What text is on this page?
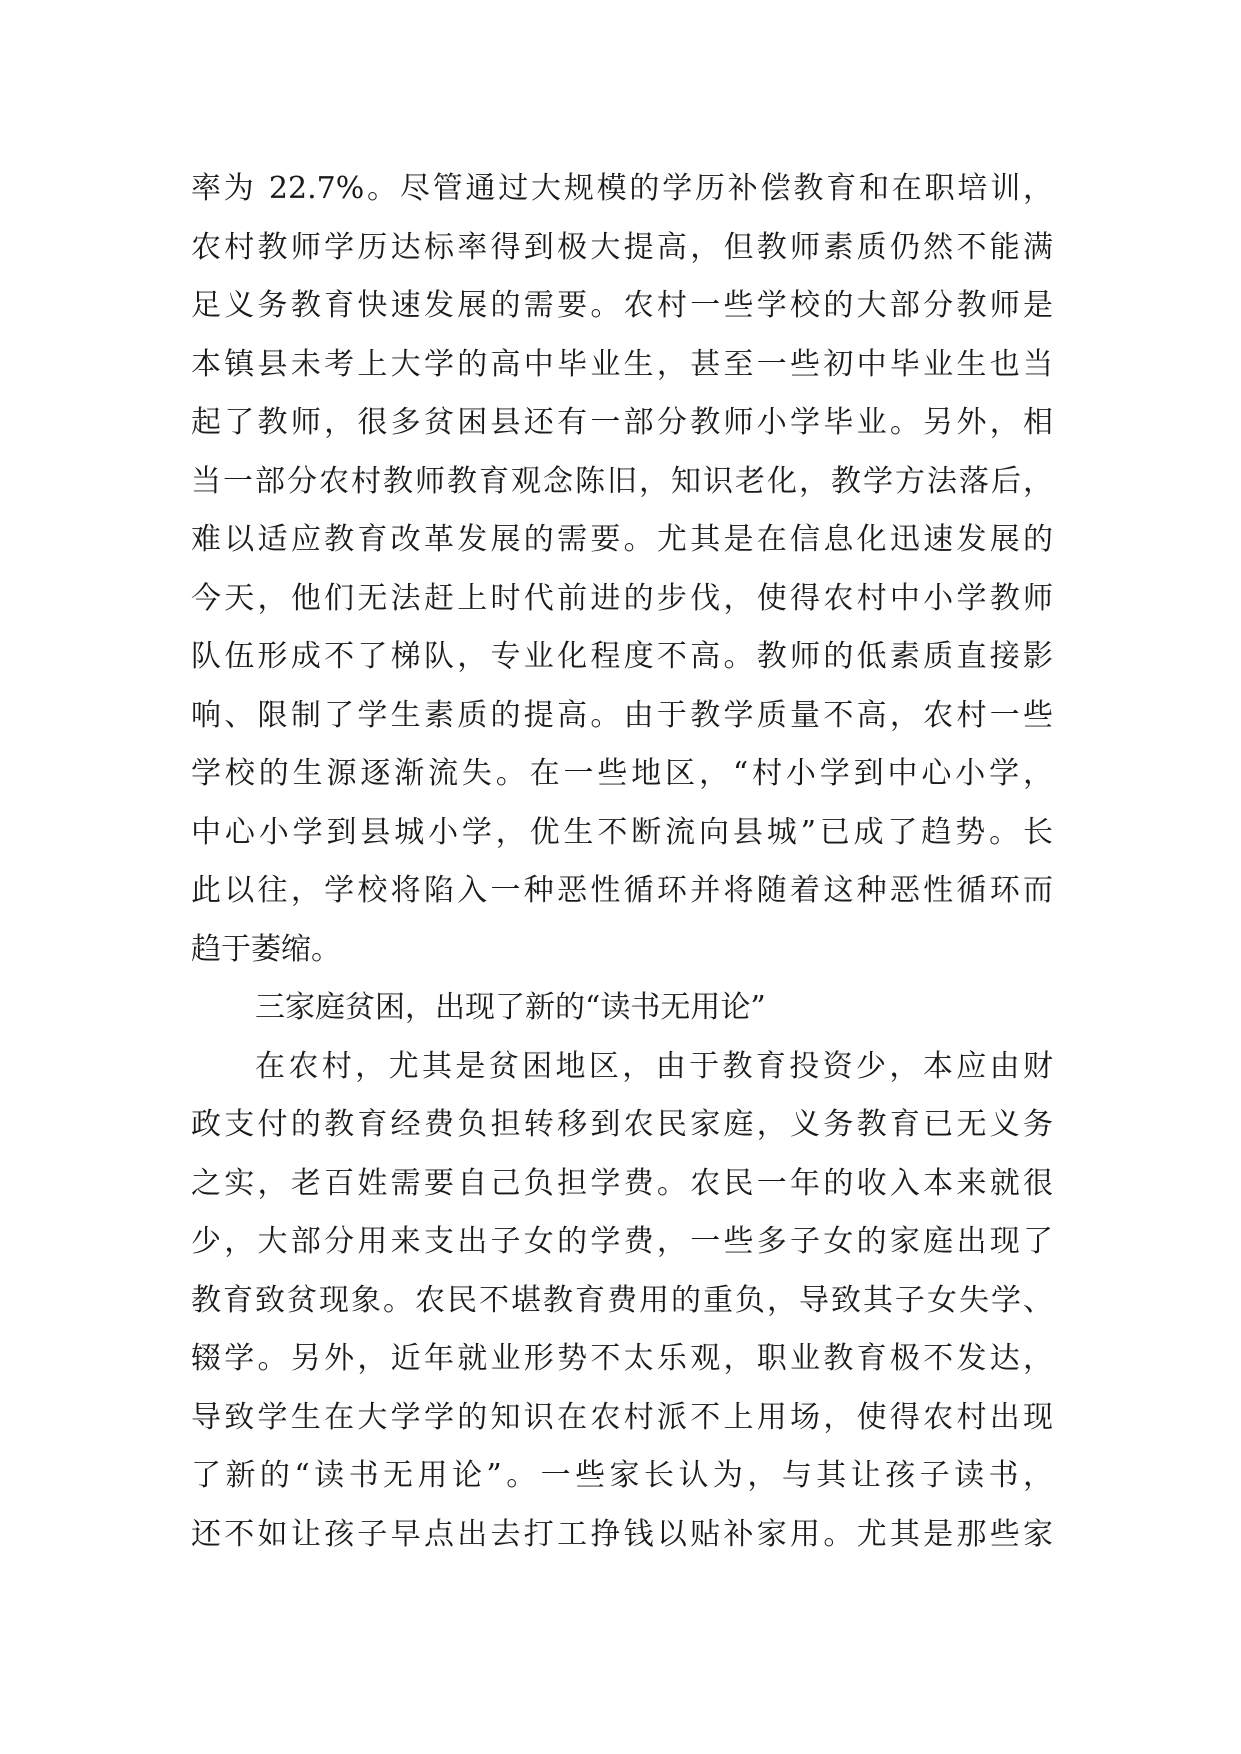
率为 22.7%。尽管通过大规模的学历补偿教育和在职培训，
农村教师学历达标率得到极大提高，但教师素质仍然不能满
足义务教育快速发展的需要。农村一些学校的大部分教师是
本镇县未考上大学的高中毕业生，甚至一些初中毕业生也当
起了教师，很多贫困县还有一部分教师小学毕业。另外，相
当一部分农村教师教育观念陈旧，知识老化，教学方法落后，
难以适应教育改革发展的需要。尤其是在信息化迅速发展的
今天，他们无法赶上时代前进的步伐，使得农村中小学教师
队伍形成不了梯队，专业化程度不高。教师的低素质直接影
响、限制了学生素质的提高。由于教学质量不高，农村一些
学校的生源逐渐流失。在一些地区，“村小学到中心小学，
中心小学到县城小学，优生不断流向县城”已成了趋势。长
此以往，学校将陷入一种恶性循环并将随着这种恶性循环而
趋于萎缩。
三家庭贫困，出现了新的“读书无用论”
在农村，尤其是贫困地区，由于教育投资少，本应由财
政支付的教育经费负担转移到农民家庭，义务教育已无义务
之实，老百姓需要自己负担学费。农民一年的收入本来就很
少，大部分用来支出子女的学费，一些多子女的家庭出现了
教育致贫现象。农民不堪教育费用的重负，导致其子女失学、
辍学。另外，近年就业形势不太乐观，职业教育极不发达，
导致学生在大学学的知识在农村派不上用场，使得农村出现
了新的“读书无用论”。一些家长认为，与其让孩子读书，
还不如让孩子早点出去打工挣钱以贴补家用。尤其是那些家
